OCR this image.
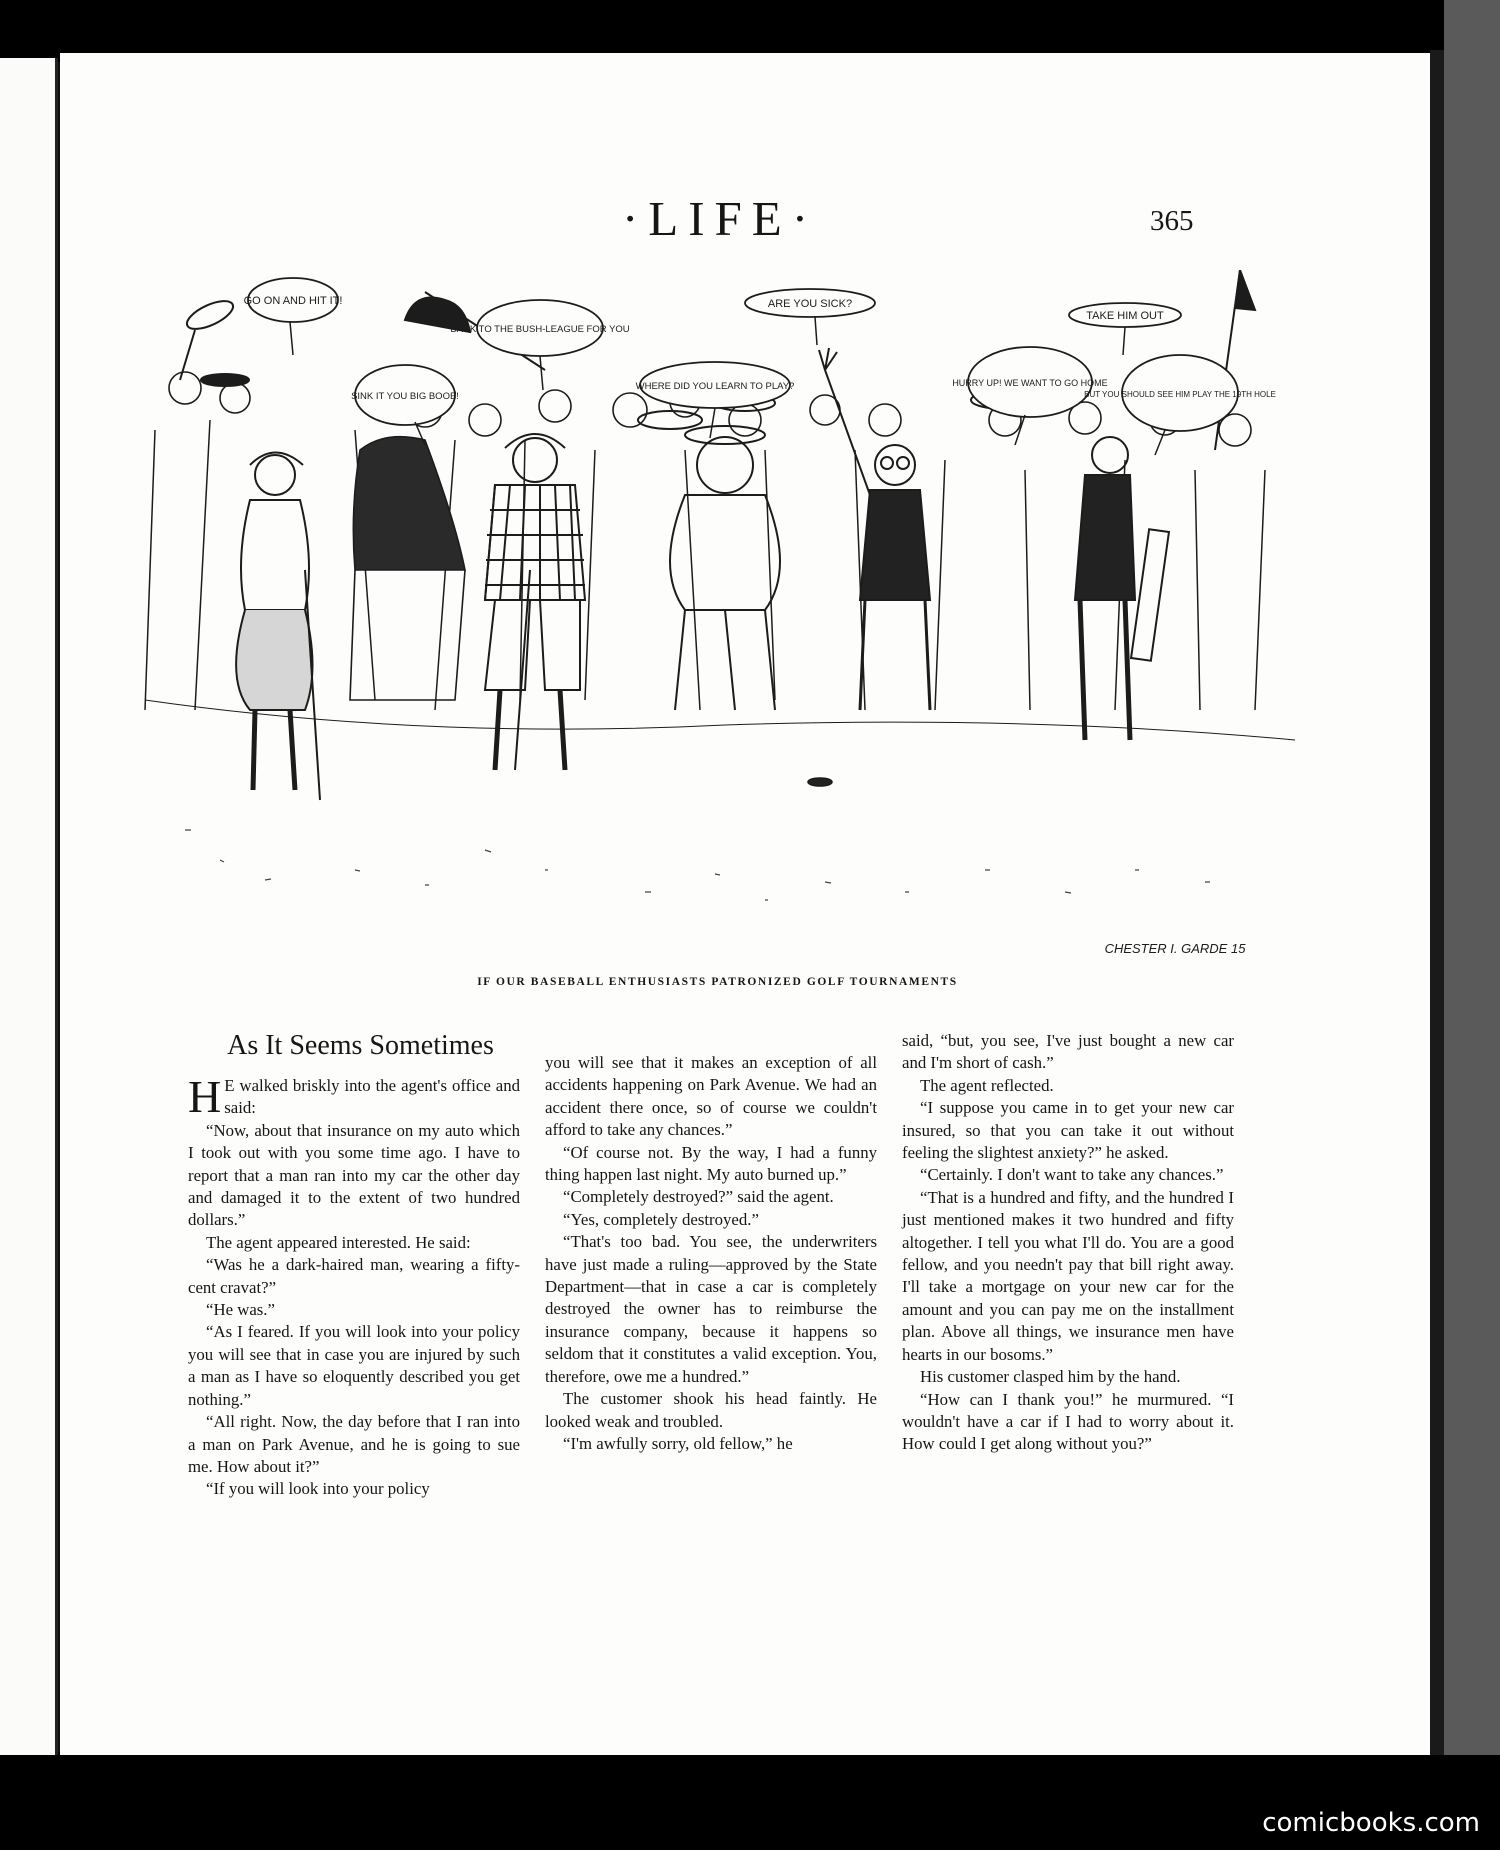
·LIFE·	365
GO ON AND HIT IT!
BACK TO THE BUSH-LEAGUE FOR YOU
ARE YOU SICK?
TAKE HIM OUT
SINK IT YOU BIG BOOB!
WHERE DID YOU LEARN TO PLAY?	HURRY UP! WE WANT TO GO HOME
BUT YOU SHOULD SEE HIM PLAY THE 19TH HOLE
CHESTER I. GARDE 15
IF OUR BASEBALL ENTHUSIASTS PATRONIZED GOLF TOURNAMENTS
As It Seems Sometimes

H E walked briskly into the agent's office and said:

“Now, about that insurance on my auto which I took out with you some time ago. I have to report that a man ran into my car the other day and damaged it to the extent of two hundred dollars.”

The agent appeared interested. He said:

“Was he a dark-haired man, wearing a fifty-cent cravat?”

“He was.”

“As I feared. If you will look into your policy you will see that in case you are injured by such a man as I have so eloquently described you get nothing.”

“All right. Now, the day before that I ran into a man on Park Avenue, and he is going to sue me. How about it?”

“If you will look into your policy

you will see that it makes an exception of all accidents happening on Park Avenue. We had an accident there once, so of course we couldn't afford to take any chances.”

“Of course not. By the way, I had a funny thing happen last night. My auto burned up.”

“Completely destroyed?” said the agent.

“Yes, completely destroyed.”

“That's too bad. You see, the underwriters have just made a ruling—approved by the State Department—that in case a car is completely destroyed the owner has to reimburse the insurance company, because it happens so seldom that it constitutes a valid exception. You, therefore, owe me a hundred.”

The customer shook his head faintly. He looked weak and troubled.

“I'm awfully sorry, old fellow,” he

said, “but, you see, I've just bought a new car and I'm short of cash.”

The agent reflected.

“I suppose you came in to get your new car insured, so that you can take it out without feeling the slightest anxiety?” he asked.

“Certainly. I don't want to take any chances.”

“That is a hundred and fifty, and the hundred I just mentioned makes it two hundred and fifty altogether. I tell you what I'll do. You are a good fellow, and you needn't pay that bill right away. I'll take a mortgage on your new car for the amount and you can pay me on the installment plan. Above all things, we insurance men have hearts in our bosoms.”

His customer clasped him by the hand.

“How can I thank you!” he murmured. “I wouldn't have a car if I had to worry about it. How could I get along without you?”

comicbooks.com
